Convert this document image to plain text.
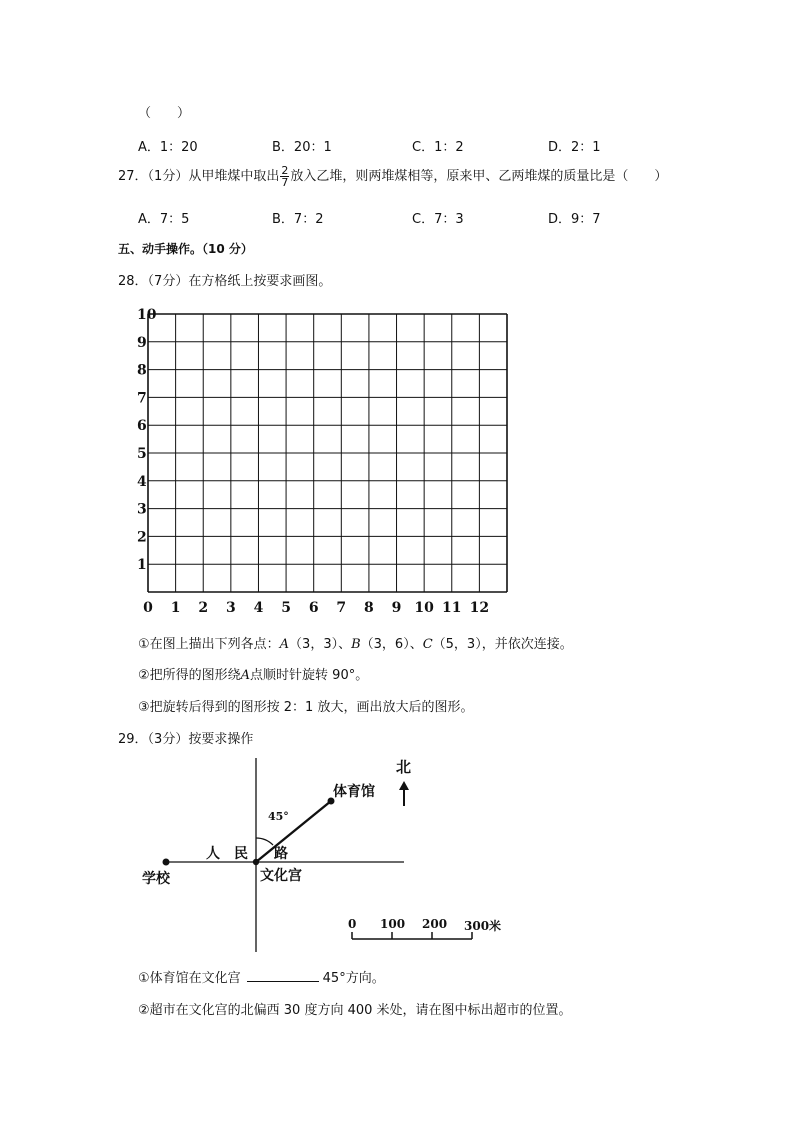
（　　）
A．1：20	B．20：1	C．1：2	D．2：1
27．（1分）从甲堆煤中取出 $\frac{2}{7}$ 放入乙堆，则两堆煤相等，原来甲、乙两堆煤的质量比是（　　）
A．7：5	B．7：2	C．7：3	D．9：7
五、动手操作。（10 分）
28．（7分）在方格纸上按要求画图。
10
9
8
7
6
5
4
3
2
1
0 1 2 3 4 5 6 7 8 9 10 11 12
①在图上描出下列各点：A（3，3）、B（3，6）、C（5，3），并依次连接。
②把所得的图形绕A点顺时针旋转 90°。
③把旋转后得到的图形按 2：1 放大，画出放大后的图形。
29．（3分）按要求操作
北
体育馆
45°
人　民 路
学校	文化宫
0 100 200 300米
①体育馆在文化宫	45°方向。
②超市在文化宫的北偏西 30 度方向 400 米处，请在图中标出超市的位置。
